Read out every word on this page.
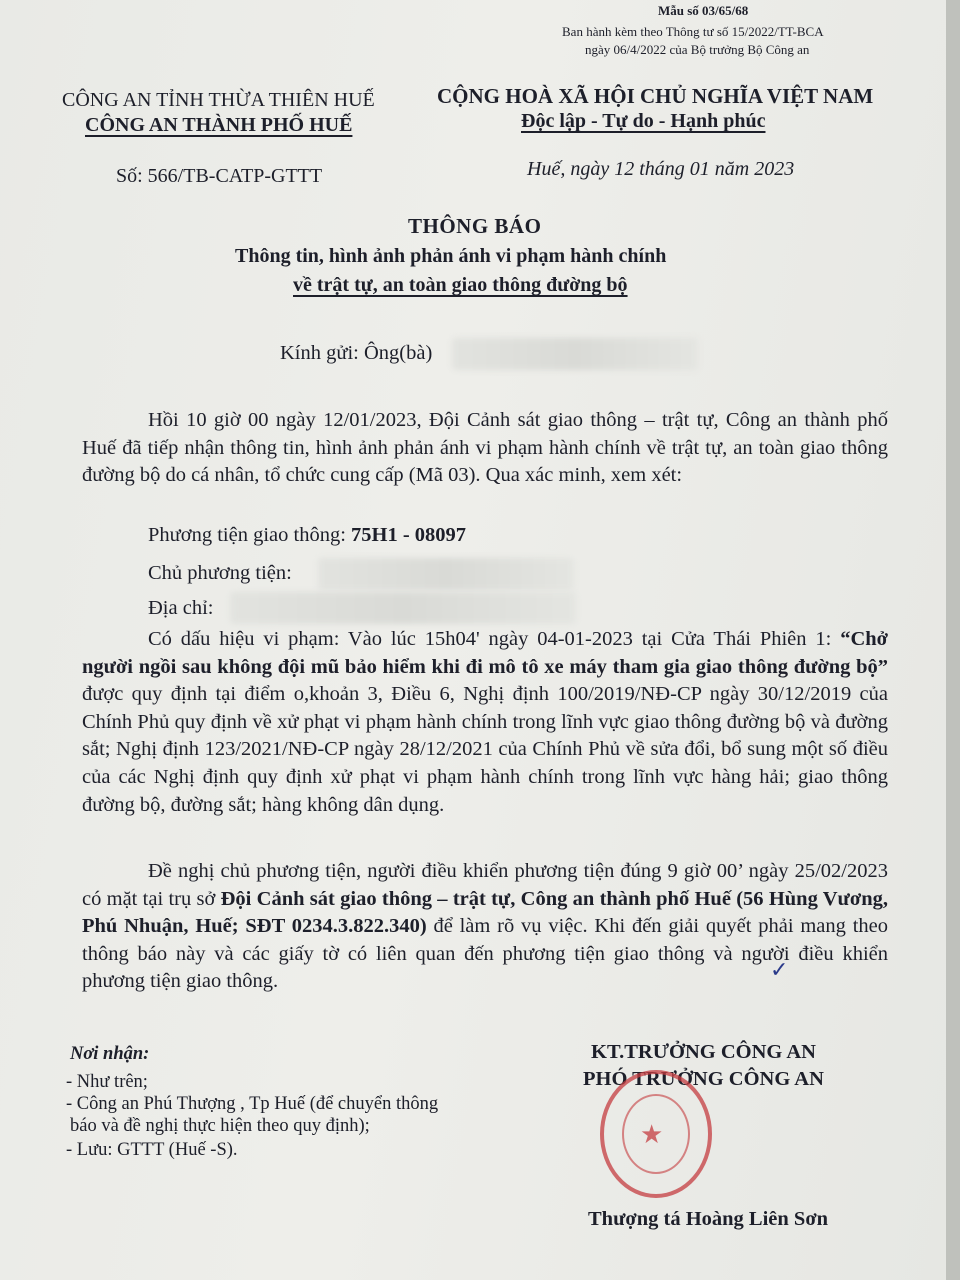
Mẫu số 03/65/68
Ban hành kèm theo Thông tư số 15/2022/TT-BCA
ngày 06/4/2022 của Bộ trưởng Bộ Công an
CÔNG AN TỈNH THỪA THIÊN HUẾ
CÔNG AN THÀNH PHỐ HUẾ
Số: 566/TB-CATP-GTTT
CỘNG HOÀ XÃ HỘI CHỦ NGHĨA VIỆT NAM
Độc lập - Tự do - Hạnh phúc
Huế, ngày 12 tháng 01 năm 2023
THÔNG BÁO
Thông tin, hình ảnh phản ánh vi phạm hành chính
về trật tự, an toàn giao thông đường bộ
Kính gửi: Ông(bà)
Hồi 10 giờ 00 ngày 12/01/2023, Đội Cảnh sát giao thông – trật tự, Công an thành phố Huế đã tiếp nhận thông tin, hình ảnh phản ánh vi phạm hành chính về trật tự, an toàn giao thông đường bộ do cá nhân, tổ chức cung cấp (Mã 03). Qua xác minh, xem xét:
Phương tiện giao thông: 75H1 - 08097
Chủ phương tiện:
Địa chỉ:
Có dấu hiệu vi phạm: Vào lúc 15h04' ngày 04-01-2023 tại Cửa Thái Phiên 1: “Chở người ngồi sau không đội mũ bảo hiểm khi đi mô tô xe máy tham gia giao thông đường bộ” được quy định tại điểm o,khoản 3, Điều 6, Nghị định 100/2019/NĐ-CP ngày 30/12/2019 của Chính Phủ quy định về xử phạt vi phạm hành chính trong lĩnh vực giao thông đường bộ và đường sắt; Nghị định 123/2021/NĐ-CP ngày 28/12/2021 của Chính Phủ về sửa đổi, bổ sung một số điều của các Nghị định quy định xử phạt vi phạm hành chính trong lĩnh vực hàng hải; giao thông đường bộ, đường sắt; hàng không dân dụng.
Đề nghị chủ phương tiện, người điều khiển phương tiện đúng 9 giờ 00’ ngày 25/02/2023 có mặt tại trụ sở Đội Cảnh sát giao thông – trật tự, Công an thành phố Huế (56 Hùng Vương, Phú Nhuận, Huế; SĐT 0234.3.822.340) để làm rõ vụ việc. Khi đến giải quyết phải mang theo thông báo này và các giấy tờ có liên quan đến phương tiện giao thông và người điều khiển phương tiện giao thông.	✓
Nơi nhận:
- Như trên;
- Công an Phú Thượng , Tp Huế (để chuyển thông
báo và đề nghị thực hiện theo quy định);
- Lưu: GTTT (Huế -S).
KT.TRƯỞNG CÔNG AN
PHÓ TRƯỞNG CÔNG AN
★
Thượng tá Hoàng Liên Sơn
